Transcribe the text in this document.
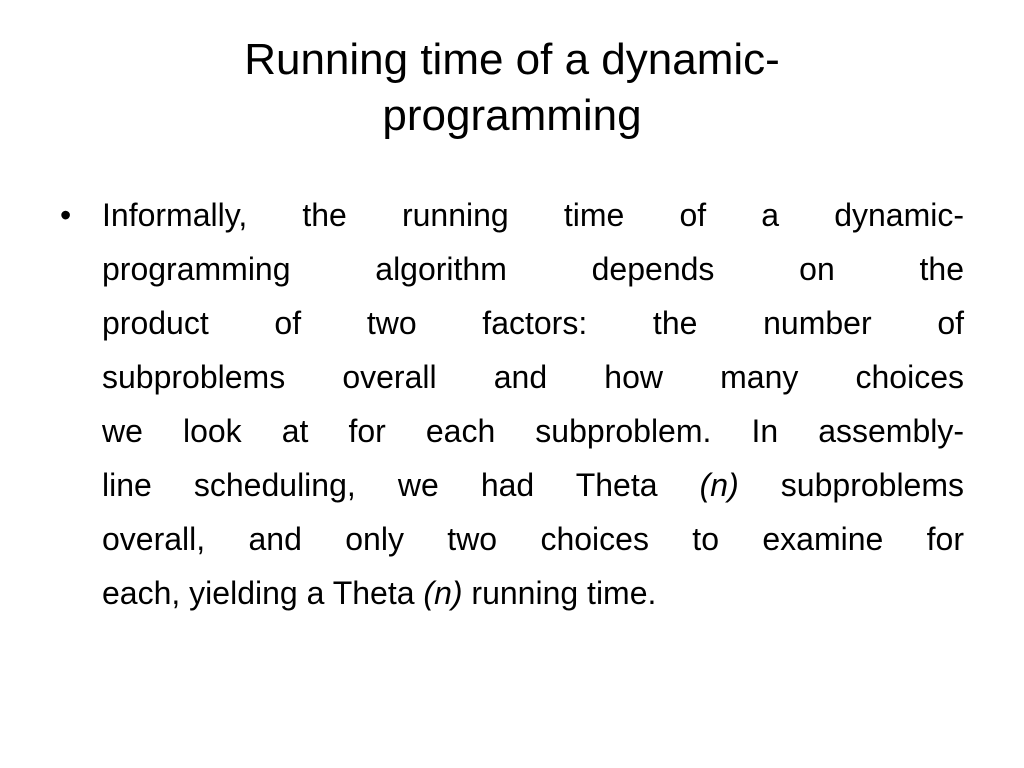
Running time of a dynamic-
programming
• Informally, the running time of a dynamic-
programming algorithm depends on the
product of two factors: the number of
subproblems overall and how many choices
we look at for each subproblem. In assembly-
line scheduling, we had Theta (n) subproblems
overall, and only two choices to examine for
each, yielding a Theta (n) running time.
